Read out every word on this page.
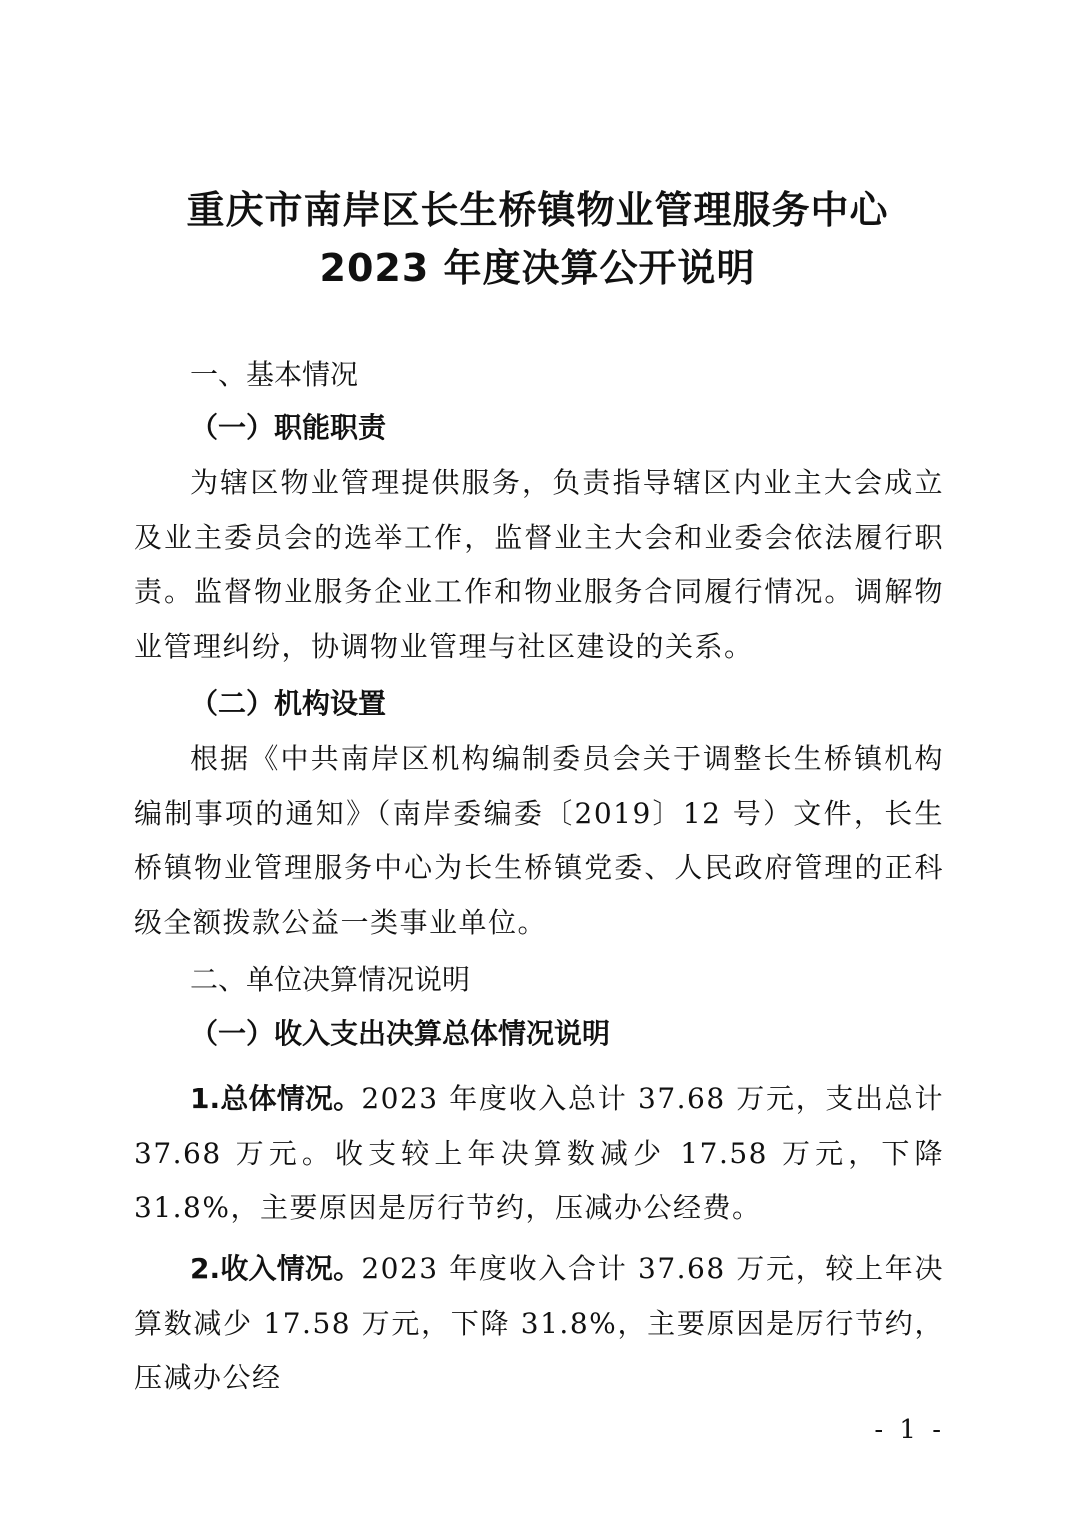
重庆市南岸区长生桥镇物业管理服务中心
2023 年度决算公开说明
一、基本情况
（一）职能职责

为辖区物业管理提供服务，负责指导辖区内业主大会成立及业主委员会的选举工作，监督业主大会和业委会依法履行职责。监督物业服务企业工作和物业服务合同履行情况。调解物业管理纠纷，协调物业管理与社区建设的关系。

（二）机构设置

根据《中共南岸区机构编制委员会关于调整长生桥镇机构编制事项的通知》（南岸委编委〔2019〕12 号）文件，长生桥镇物业管理服务中心为长生桥镇党委、人民政府管理的正科级全额拨款公益一类事业单位。

二、单位决算情况说明
（一）收入支出决算总体情况说明

1.总体情况。2023 年度收入总计 37.68 万元，支出总计 37.68 万元。收支较上年决算数减少 17.58 万元，下降 31.8%，主要原因是厉行节约，压减办公经费。

2.收入情况。2023 年度收入合计 37.68 万元，较上年决算数减少 17.58 万元，下降 31.8%，主要原因是厉行节约，压减办公经

- 1 -
